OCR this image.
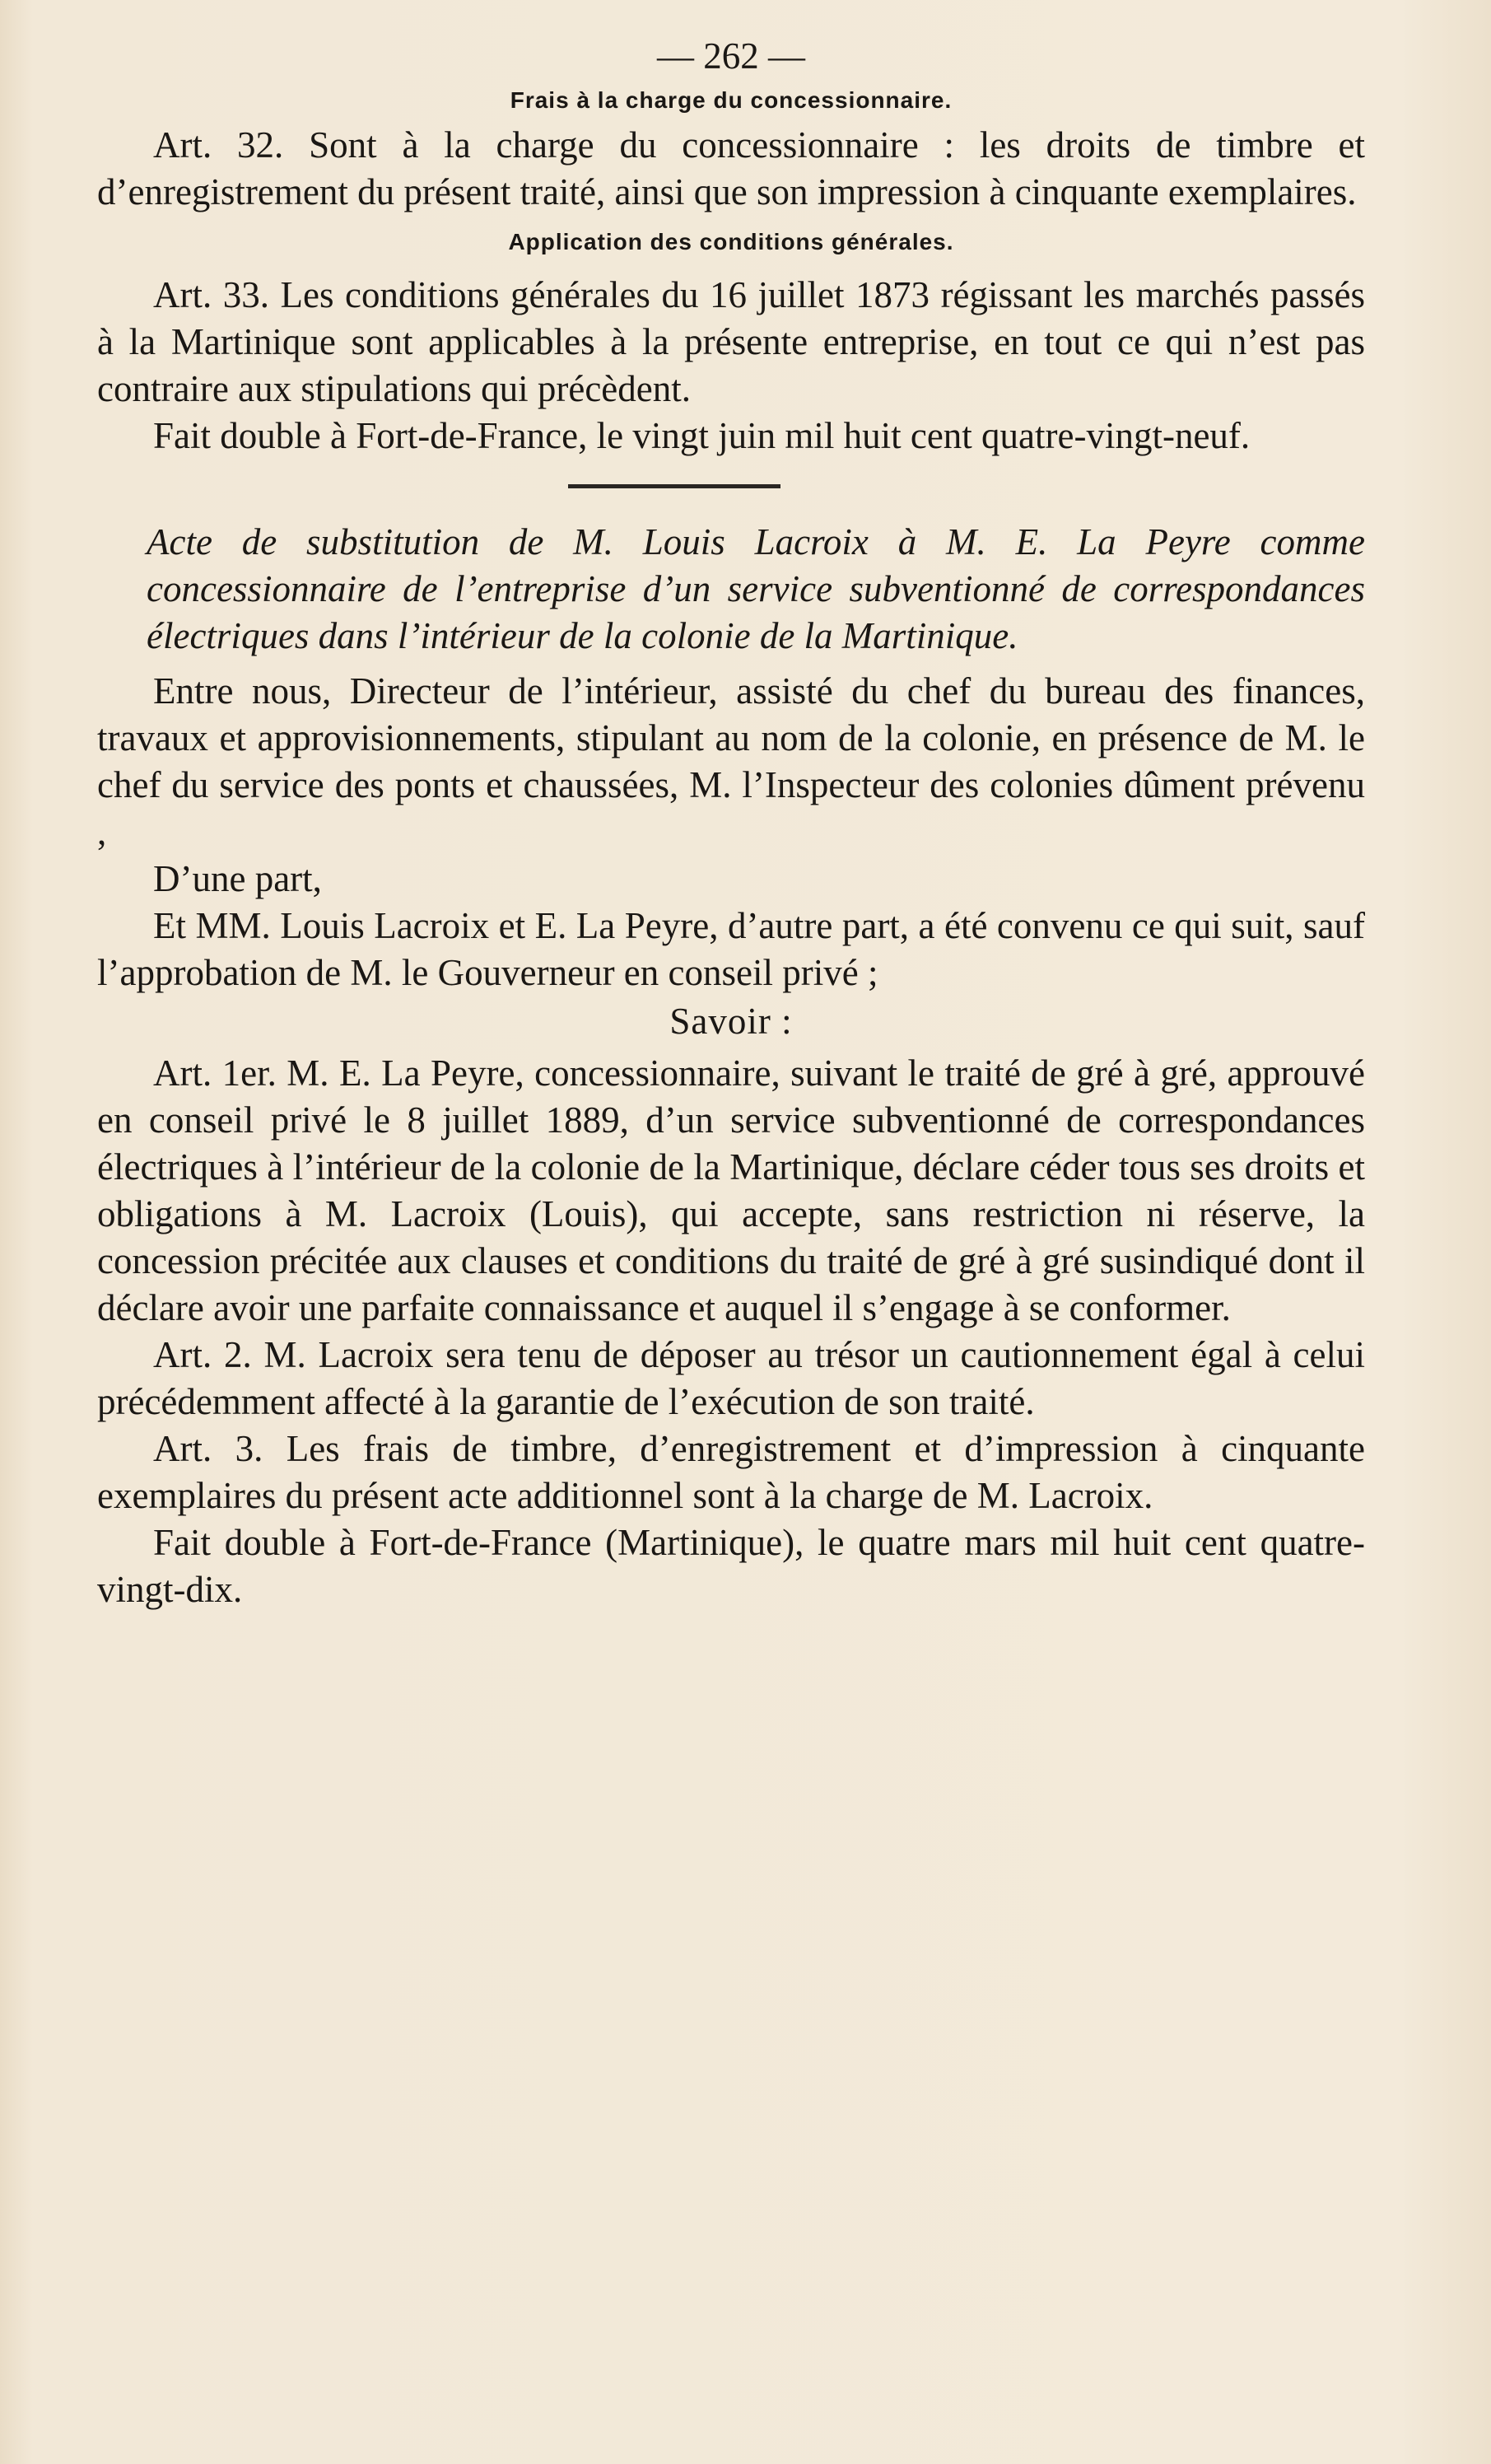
— 262 —
Frais à la charge du concessionnaire.

Art. 32. Sont à la charge du concessionnaire : les droits de timbre et d’enregistrement du présent traité, ainsi que son impression à cinquante exemplaires.

Application des conditions générales.

Art. 33. Les conditions générales du 16 juillet 1873 régissant les marchés passés à la Martinique sont applicables à la présente entreprise, en tout ce qui n’est pas contraire aux stipulations qui précèdent.

Fait double à Fort-de-France, le vingt juin mil huit cent quatre-vingt-neuf.

Acte de substitution de M. Louis Lacroix à M. E. La Peyre comme concessionnaire de l’entreprise d’un service subventionné de correspondances électriques dans l’intérieur de la colonie de la Martinique.

Entre nous, Directeur de l’intérieur, assisté du chef du bureau des finances, travaux et approvisionnements, stipulant au nom de la colonie, en présence de M. le chef du service des ponts et chaussées, M. l’Inspecteur des colonies dûment prévenu ,

D’une part,

Et MM. Louis Lacroix et E. La Peyre, d’autre part, a été convenu ce qui suit, sauf l’approbation de M. le Gouverneur en conseil privé ;

Savoir :

Art. 1er. M. E. La Peyre, concessionnaire, suivant le traité de gré à gré, approuvé en conseil privé le 8 juillet 1889, d’un service subventionné de correspondances électriques à l’intérieur de la colonie de la Martinique, déclare céder tous ses droits et obligations à M. Lacroix (Louis), qui accepte, sans restriction ni réserve, la concession précitée aux clauses et conditions du traité de gré à gré susindiqué dont il déclare avoir une parfaite connaissance et auquel il s’engage à se conformer.

Art. 2. M. Lacroix sera tenu de déposer au trésor un cautionnement égal à celui précédemment affecté à la garantie de l’exécution de son traité.

Art. 3. Les frais de timbre, d’enregistrement et d’impression à cinquante exemplaires du présent acte additionnel sont à la charge de M. Lacroix.

Fait double à Fort-de-France (Martinique), le quatre mars mil huit cent quatre-vingt-dix.
